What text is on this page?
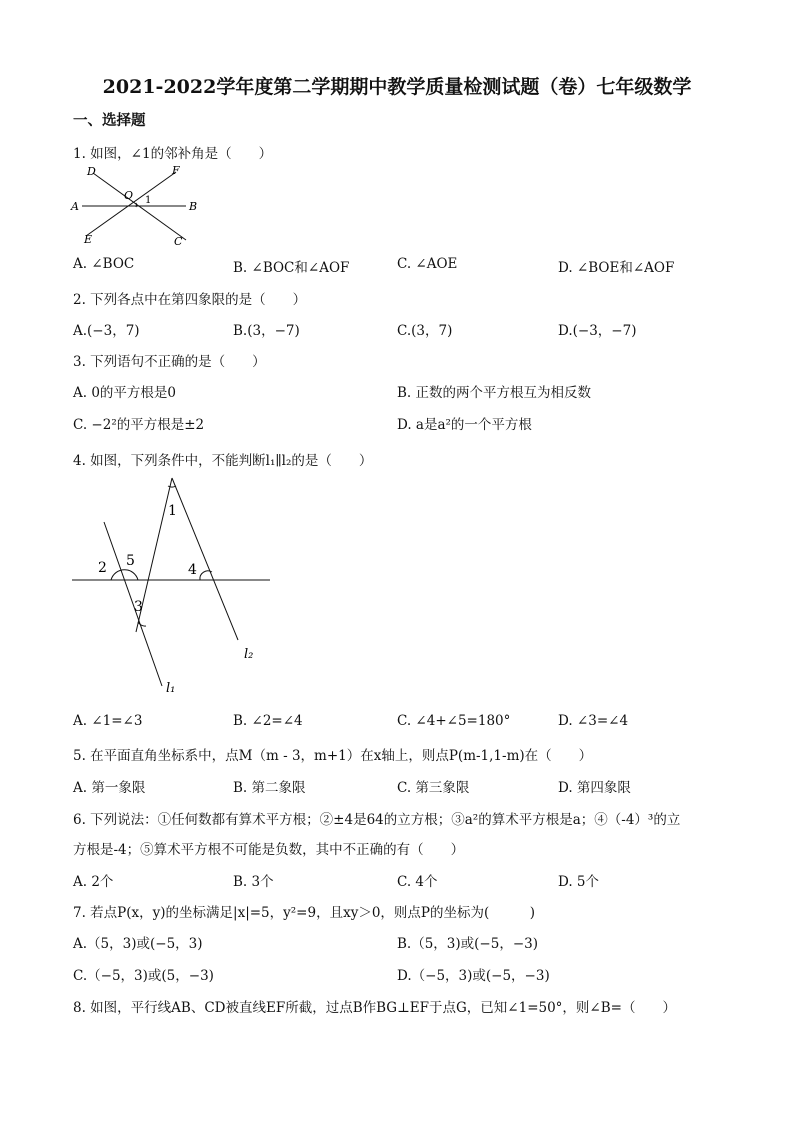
2021-2022学年度第二学期期中教学质量检测试题（卷）七年级数学
一、选择题
1. 如图，∠1的邻补角是（　　）
D	F
O 1
A	B
E	C
A. ∠BOC	B. ∠BOC和∠AOF	C. ∠AOE	D. ∠BOE和∠AOF
2. 下列各点中在第四象限的是（　　）
A.(−3，7)	B.(3，−7)	C.(3，7)	D.(−3，−7)
3. 下列语句不正确的是（　　）
A. 0的平方根是0	B. 正数的两个平方根互为相反数
C. −2²的平方根是±2	D. a是a²的一个平方根
4. 如图，下列条件中，不能判断l₁∥l₂的是（　　）
1
2 5
4
3
l₂
l₁
A. ∠1=∠3	B. ∠2=∠4	C. ∠4+∠5=180°	D. ∠3=∠4
5. 在平面直角坐标系中，点M（m - 3，m+1）在x轴上，则点P(m-1,1-m)在（　　）
A. 第一象限	B. 第二象限	C. 第三象限	D. 第四象限
6. 下列说法：①任何数都有算术平方根；②±4是64的立方根；③a²的算术平方根是a；④（-4）³的立
方根是-4；⑤算术平方根不可能是负数，其中不正确的有（　　）
A. 2个	B. 3个	C. 4个	D. 5个
7. 若点P(x，y)的坐标满足|x|=5，y²=9，且xy＞0，则点P的坐标为(　　　)
A.（5，3)或(−5，3)	B.（5，3)或(−5，−3)
C.（−5，3)或(5，−3)	D.（−5，3)或(−5，−3)
8. 如图，平行线AB、CD被直线EF所截，过点B作BG⊥EF于点G，已知∠1=50°，则∠B=（　　）
